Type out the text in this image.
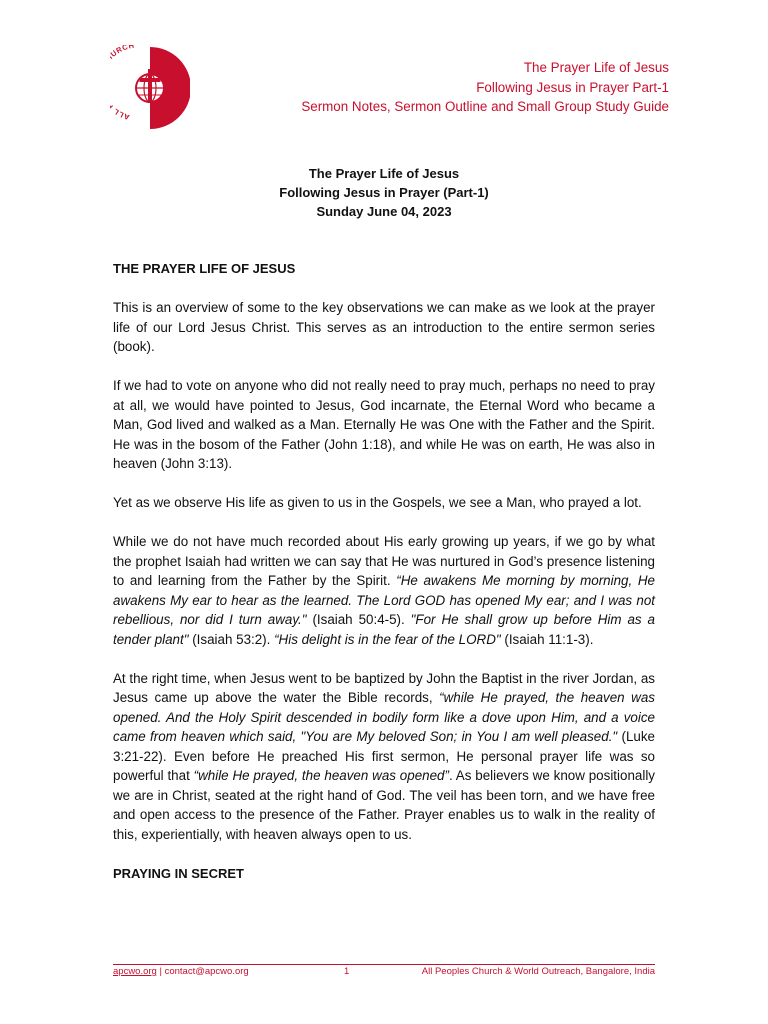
ALL RCH
The Prayer Life of Jesus
Following Jesus in Prayer Part-1
Sermon Notes, Sermon Outline and Small Group Study Guide
The Prayer Life of Jesus
Following Jesus in Prayer (Part-1)
Sunday June 04, 2023
THE PRAYER LIFE OF JESUS

This is an overview of some to the key observations we can make as we look at the prayer life of our Lord Jesus Christ. This serves as an introduction to the entire sermon series (book).

If we had to vote on anyone who did not really need to pray much, perhaps no need to pray at all, we would have pointed to Jesus, God incarnate, the Eternal Word who became a Man, God lived and walked as a Man. Eternally He was One with the Father and the Spirit. He was in the bosom of the Father (John 1:18), and while He was on earth, He was also in heaven (John 3:13).

Yet as we observe His life as given to us in the Gospels, we see a Man, who prayed a lot.

While we do not have much recorded about His early growing up years, if we go by what the prophet Isaiah had written we can say that He was nurtured in God’s presence listening to and learning from the Father by the Spirit. “He awakens Me morning by morning, He awakens My ear to hear as the learned. The Lord GOD has opened My ear; and I was not rebellious, nor did I turn away." (Isaiah 50:4-5). "For He shall grow up before Him as a tender plant" (Isaiah 53:2). “His delight is in the fear of the LORD" (Isaiah 11:1-3).

At the right time, when Jesus went to be baptized by John the Baptist in the river Jordan, as Jesus came up above the water the Bible records, “while He prayed, the heaven was opened. And the Holy Spirit descended in bodily form like a dove upon Him, and a voice came from heaven which said, "You are My beloved Son; in You I am well pleased." (Luke 3:21-22). Even before He preached His first sermon, He personal prayer life was so powerful that “while He prayed, the heaven was opened”. As believers we know positionally we are in Christ, seated at the right hand of God. The veil has been torn, and we have free and open access to the presence of the Father. Prayer enables us to walk in the reality of this, experientially, with heaven always open to us.

PRAYING IN SECRET
apcwo.org | contact@apcwo.org	1	All Peoples Church & World Outreach, Bangalore, India
